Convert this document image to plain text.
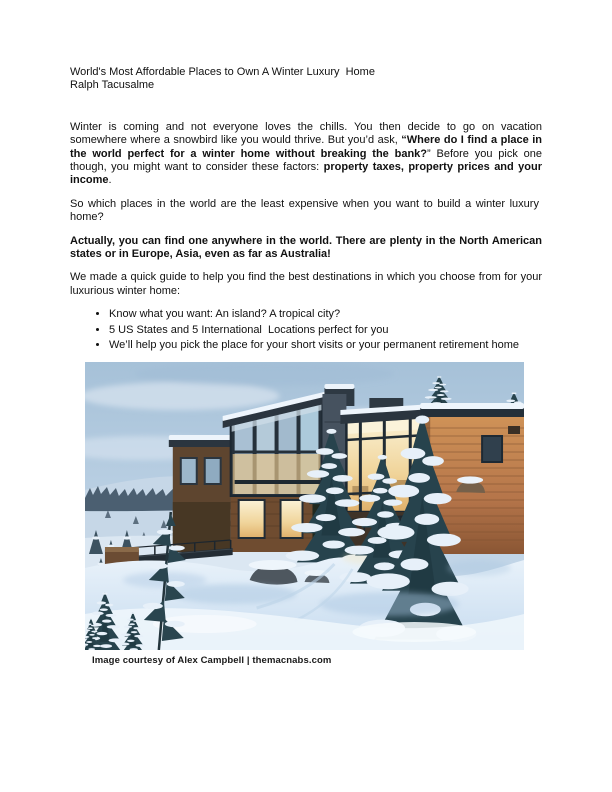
World's Most Affordable Places to Own A Winter Luxury  Home

Ralph Tacusalme

Winter is coming and not everyone loves the chills. You then decide to go on vacation somewhere where a snowbird like you would thrive. But you’d ask, “Where do I find a place in the world perfect for a winter home without breaking the bank?” Before you pick one though, you might want to consider these factors: property taxes, property prices and your income.

So which places in the world are the least expensive when you want to build a winter luxury  home?

Actually, you can find one anywhere in the world. There are plenty in the North American states or in Europe, Asia, even as far as Australia!

We made a quick guide to help you find the best destinations in which you choose from for your luxurious winter home:

• Know what you want: An island? A tropical city?
• 5 US States and 5 International  Locations perfect for you
• We’ll help you pick the place for your short visits or your permanent retirement home
Image courtesy of Alex Campbell | themacnabs.com
